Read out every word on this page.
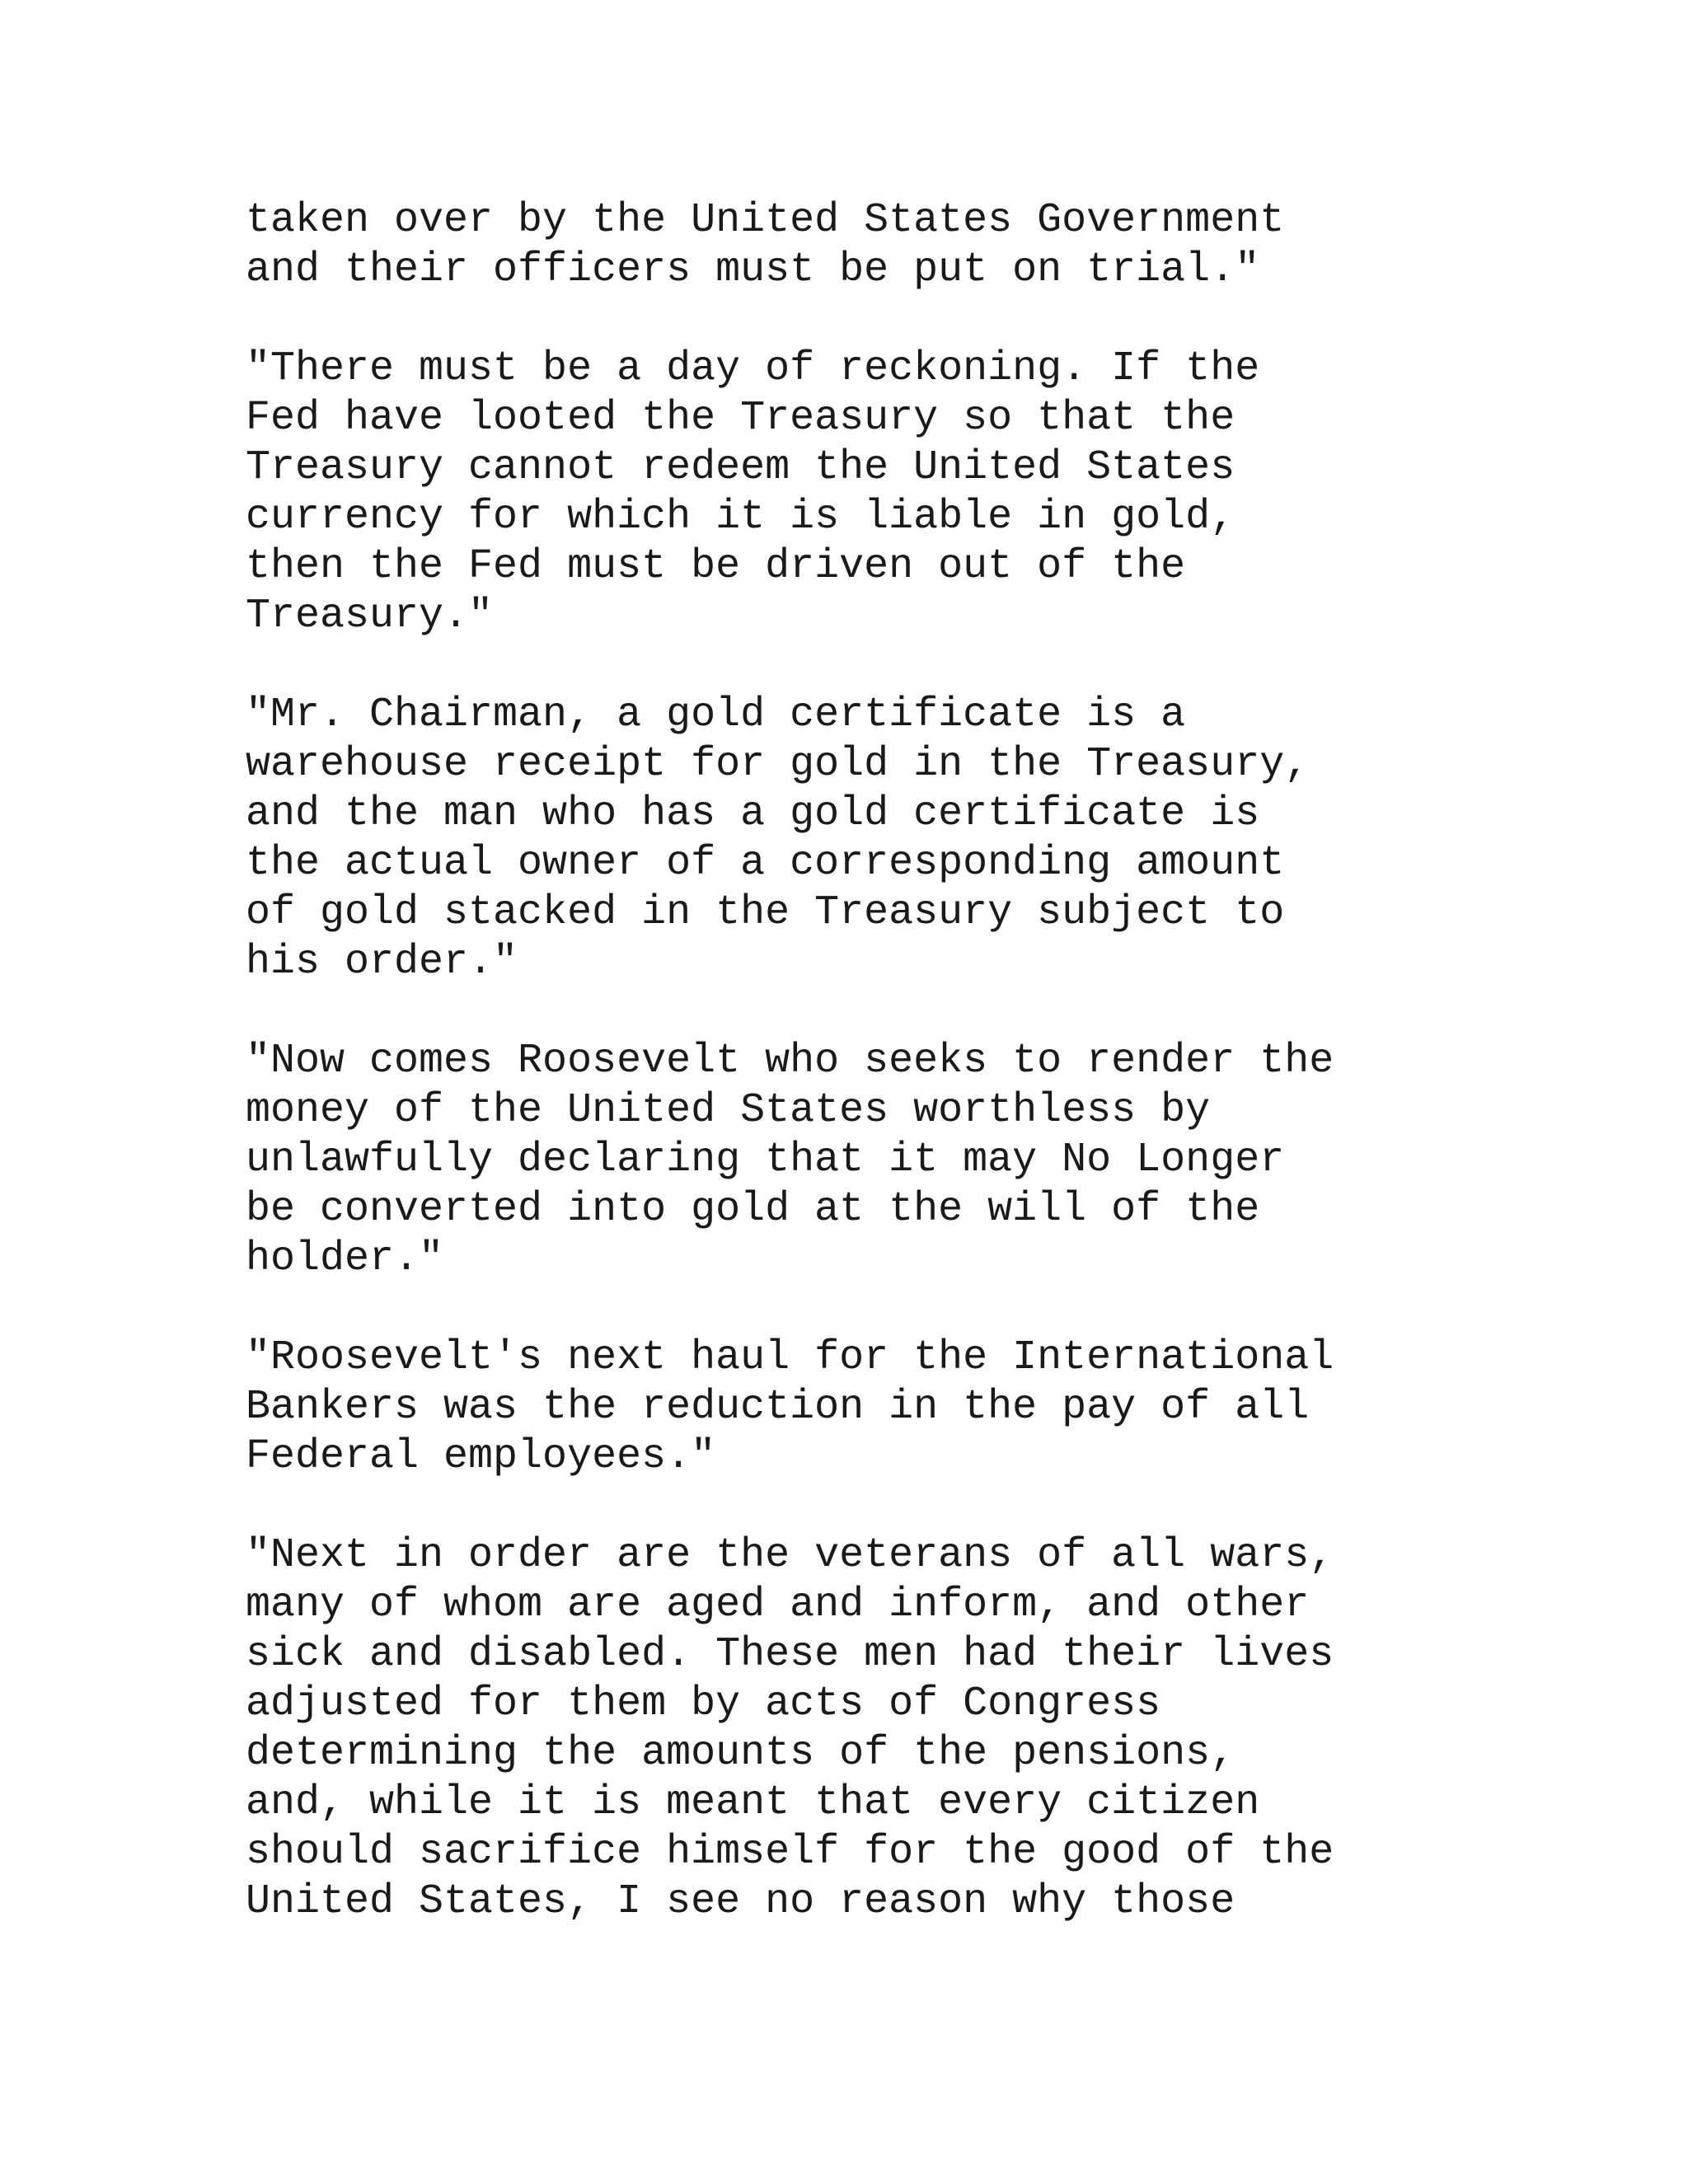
taken over by the United States Government
and their officers must be put on trial."
"There must be a day of reckoning. If the
Fed have looted the Treasury so that the
Treasury cannot redeem the United States
currency for which it is liable in gold,
then the Fed must be driven out of the
Treasury."
"Mr. Chairman, a gold certificate is a
warehouse receipt for gold in the Treasury,
and the man who has a gold certificate is
the actual owner of a corresponding amount
of gold stacked in the Treasury subject to
his order."
"Now comes Roosevelt who seeks to render the
money of the United States worthless by
unlawfully declaring that it may No Longer
be converted into gold at the will of the
holder."
"Roosevelt's next haul for the International
Bankers was the reduction in the pay of all
Federal employees."
"Next in order are the veterans of all wars,
many of whom are aged and inform, and other
sick and disabled. These men had their lives
adjusted for them by acts of Congress
determining the amounts of the pensions,
and, while it is meant that every citizen
should sacrifice himself for the good of the
United States, I see no reason why those
